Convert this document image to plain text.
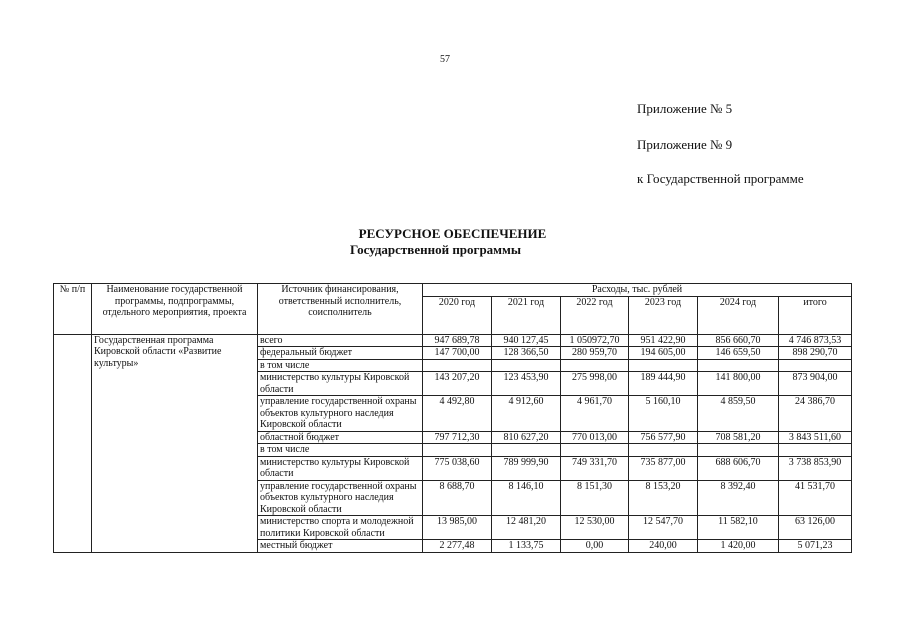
57
Приложение № 5
Приложение № 9
к Государственной программе
РЕСУРСНОЕ ОБЕСПЕЧЕНИЕ
Государственной программы
№ п/п	Наименование государственной программы, подпрограммы, отдельного мероприятия, проекта	Источник финансирования, ответственный исполнитель, соисполнитель	Расходы, тыс. рублей					
			2020 год	2021 год	2022 год	2023 год	2024 год	итого
	Государственная программа Кировской области «Развитие культуры»	всего	947 689,78	940 127,45	1 050972,70	951 422,90	856 660,70	4 746 873,53
		федеральный бюджет	147 700,00	128 366,50	280 959,70	194 605,00	146 659,50	898 290,70
		в том числе						
		министерство культуры Кировской области	143 207,20	123 453,90	275 998,00	189 444,90	141 800,00	873 904,00
		управление государственной охраны объектов культурного наследия Кировской области	4 492,80	4 912,60	4 961,70	5 160,10	4 859,50	24 386,70
		областной бюджет	797 712,30	810 627,20	770 013,00	756 577,90	708 581,20	3 843 511,60
		в том числе						
		министерство культуры Кировской области	775 038,60	789 999,90	749 331,70	735 877,00	688 606,70	3 738 853,90
		управление государственной охраны объектов культурного наследия Кировской области	8 688,70	8 146,10	8 151,30	8 153,20	8 392,40	41 531,70
		министерство спорта и молодежной политики Кировской области	13 985,00	12 481,20	12 530,00	12 547,70	11 582,10	63 126,00
		местный бюджет	2 277,48	1 133,75	0,00	240,00	1 420,00	5 071,23
